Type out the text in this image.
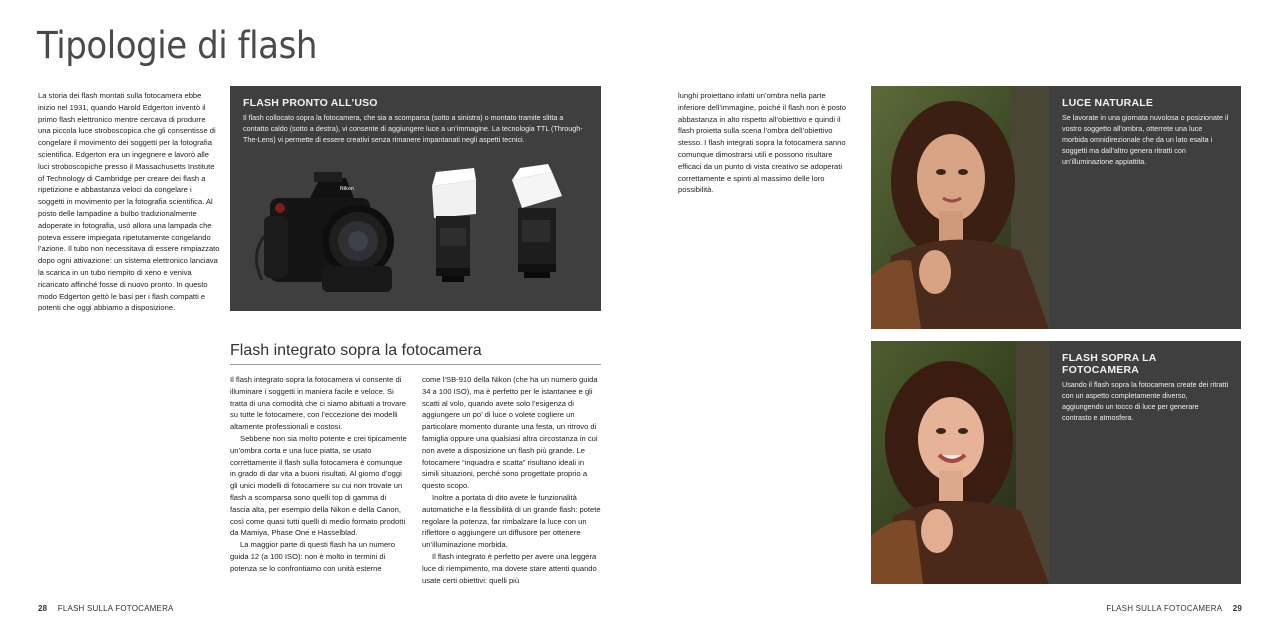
Tipologie di flash
La storia dei flash montati sulla fotocamera ebbe inizio nel 1931, quando Harold Edgerton inventò il primo flash elettronico mentre cercava di produrre una piccola luce stroboscopica che gli consentisse di congelare il movimento dei soggetti per la fotografia scientifica. Edgerton era un ingegnere e lavorò alle luci stroboscopiche presso il Massachusetts Institute of Technology di Cambridge per creare dei flash a ripetizione e abbastanza veloci da congelare i soggetti in movimento per la fotografia scientifica. Al posto delle lampadine a bulbo tradizionalmente adoperate in fotografia, usò allora una lampada che poteva essere impiegata ripetutamente congelando l’azione. Il tubo non necessitava di essere rimpiazzato dopo ogni attivazione: un sistema elettronico lanciava la scarica in un tubo riempito di xeno e veniva ricaricato affinché fosse di nuovo pronto. In questo modo Edgerton gettò le basi per i flash compatti e potenti che oggi abbiamo a disposizione.
FLASH PRONTO ALL’USO
Il flash collocato sopra la fotocamera, che sia a scomparsa (sotto a sinistra) o montato tramite slitta a contatto caldo (sotto a destra), vi consente di aggiungere luce a un’immagine. La tecnologia TTL (Through-The-Lens) vi permette di essere creativi senza rimanere impantanati negli aspetti tecnici.
Nikon
Flash integrato sopra la fotocamera

Il flash integrato sopra la fotocamera vi consente di illuminare i soggetti in maniera facile e veloce. Si tratta di una comodità che ci siamo abituati a trovare su tutte le fotocamere, con l’eccezione dei modelli altamente professionali e costosi.

Sebbene non sia molto potente e crei tipicamente un’ombra corta e una luce piatta, se usato correttamente il flash sulla fotocamera è comunque in grado di dar vita a buoni risultati. Al giorno d’oggi gli unici modelli di fotocamere su cui non trovate un flash a scomparsa sono quelli top di gamma di fascia alta, per esempio della Nikon e della Canon, così come quasi tutti quelli di medio formato prodotti da Mamiya, Phase One e Hasselblad.

La maggior parte di questi flash ha un numero guida 12 (a 100 ISO): non è molto in termini di potenza se lo confrontiamo con unità esterne

come l’SB-910 della Nikon (che ha un numero guida 34 a 100 ISO), ma è perfetto per le istantanee e gli scatti al volo, quando avete solo l’esigenza di aggiungere un po’ di luce o volete cogliere un particolare momento durante una festa, un ritrovo di famiglia oppure una qualsiasi altra circostanza in cui non avete a disposizione un flash più grande. Le fotocamere “inquadra e scatta” risultano ideali in simili situazioni, perché sono progettate proprio a questo scopo.

Inoltre a portata di dito avete le funzionalità automatiche e la flessibilità di un grande flash: potete regolare la potenza, far rimbalzare la luce con un riflettore o aggiungere un diffusore per ottenere un’illuminazione morbida.

Il flash integrato è perfetto per avere una leggera luce di riempimento, ma dovete stare attenti quando usate certi obiettivi: quelli più

lunghi proiettano infatti un’ombra nella parte inferiore dell’immagine, poiché il flash non è posto abbastanza in alto rispetto all’obiettivo e quindi il flash proietta sulla scena l’ombra dell’obiettivo stesso. I flash integrati sopra la fotocamera sanno comunque dimostrarsi utili e possono risultare efficaci da un punto di vista creativo se adoperati correttamente e spinti al massimo delle loro possibilità.
LUCE NATURALE
Se lavorate in una giornata nuvolosa o posizionate il vostro soggetto all’ombra, otterrete una luce morbida omnidirezionale che da un lato esalta i soggetti ma dall’altro genera ritratti con un’illuminazione appiattita.
FLASH SOPRA LA FOTOCAMERA
Usando il flash sopra la fotocamera create dei ritratti con un aspetto completamente diverso, aggiungendo un tocco di luce per generare contrasto e atmosfera.
28 FLASH SULLA FOTOCAMERA	FLASH SULLA FOTOCAMERA 29
